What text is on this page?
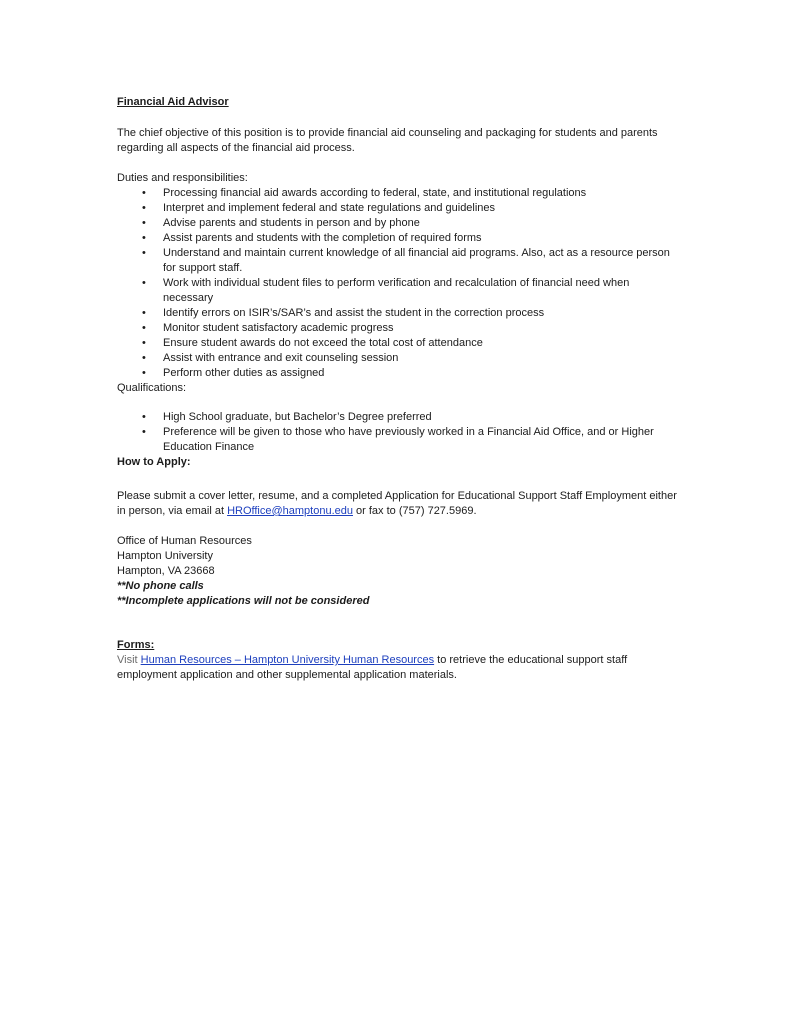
Financial Aid Advisor

The chief objective of this position is to provide financial aid counseling and packaging for students and parents regarding all aspects of the financial aid process.

Duties and responsibilities:

• Processing financial aid awards according to federal, state, and institutional regulations
• Interpret and implement federal and state regulations and guidelines
• Advise parents and students in person and by phone
• Assist parents and students with the completion of required forms
• Understand and maintain current knowledge of all financial aid programs. Also, act as a resource person for support staff.
• Work with individual student files to perform verification and recalculation of financial need when necessary
• Identify errors on ISIR’s/SAR’s and assist the student in the correction process
• Monitor student satisfactory academic progress
• Ensure student awards do not exceed the total cost of attendance
• Assist with entrance and exit counseling session
• Perform other duties as assigned

Qualifications:

• High School graduate, but Bachelor’s Degree preferred
• Preference will be given to those who have previously worked in a Financial Aid Office, and or Higher Education Finance

How to Apply:

Please submit a cover letter, resume, and a completed Application for Educational Support Staff Employment either in person, via email at HROffice@hamptonu.edu or fax to (757) 727.5969.

Office of Human Resources
Hampton University
Hampton, VA 23668
**No phone calls
**Incomplete applications will not be considered

Forms:

Visit Human Resources – Hampton University Human Resources to retrieve the educational support staff employment application and other supplemental application materials.
